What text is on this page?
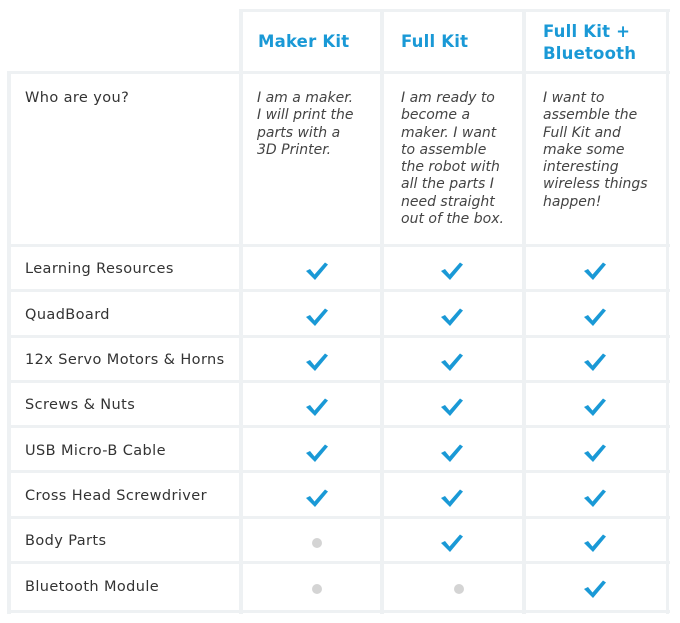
Maker Kit	Full Kit
Full Kit +
Bluetooth
Who are you?	I am a maker.
I will print the
parts with a
3D Printer.
I am ready to
become a
maker. I want
to assemble
the robot with
all the parts I
need straight
out of the box.
I want to
assemble the
Full Kit and
make some
interesting
wireless things
happen!
Learning Resources
QuadBoard
12x Servo Motors & Horns
Screws & Nuts
USB Micro-B Cable
Cross Head Screwdriver
Body Parts
Bluetooth Module
